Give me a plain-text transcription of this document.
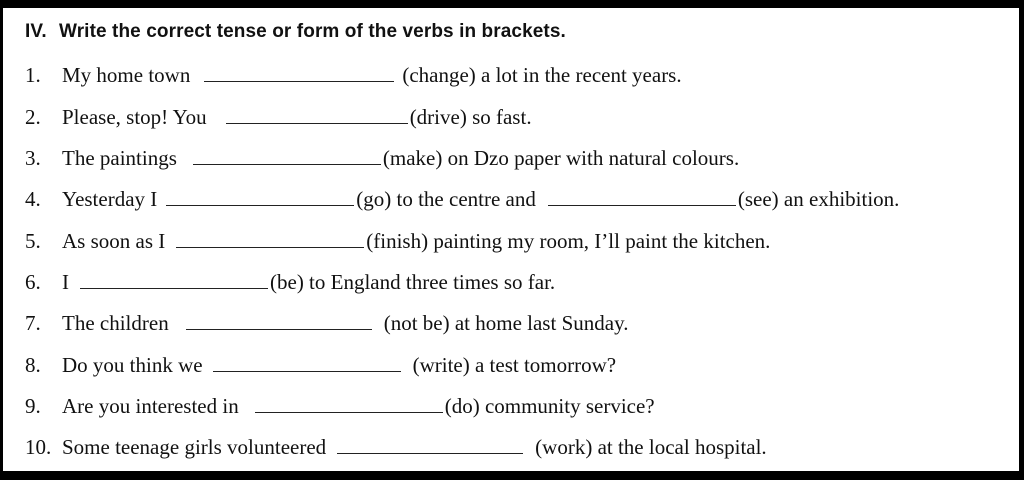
IV. Write the correct tense or form of the verbs in brackets.
1. My home town	(change) a lot in the recent years.
2. Please, stop! You	(drive) so fast.
3. The paintings	(make) on Dzo paper with natural colours.
4. Yesterday I	(go) to the centre and	(see) an exhibition.
5. As soon as I	(finish) painting my room, I’ll paint the kitchen.
6. I	(be) to England three times so far.
7. The children	(not be) at home last Sunday.
8. Do you think we	(write) a test tomorrow?
9. Are you interested in	(do) community service?
10. Some teenage girls volunteered	(work) at the local hospital.
